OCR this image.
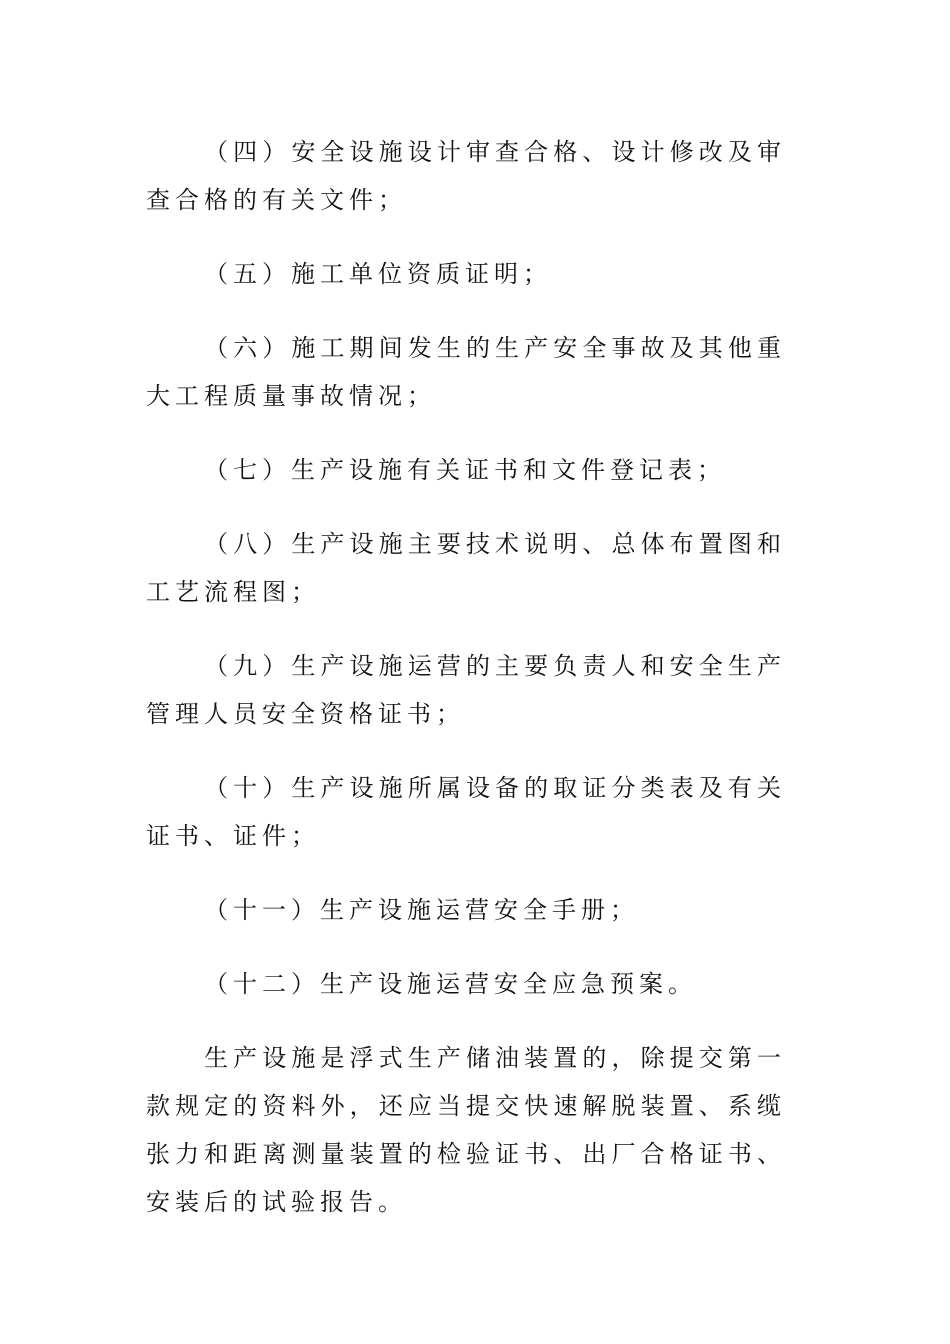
（四）安全设施设计审查合格、设计修改及审查合格的有关文件；

（五）施工单位资质证明；

（六）施工期间发生的生产安全事故及其他重大工程质量事故情况；

（七）生产设施有关证书和文件登记表；

（八）生产设施主要技术说明、总体布置图和工艺流程图；

（九）生产设施运营的主要负责人和安全生产管理人员安全资格证书；

（十）生产设施所属设备的取证分类表及有关证书、证件；

（十一）生产设施运营安全手册；

（十二）生产设施运营安全应急预案。

生产设施是浮式生产储油装置的，除提交第一款规定的资料外，还应当提交快速解脱装置、系缆张力和距离测量装置的检验证书、出厂合格证书、安装后的试验报告。
